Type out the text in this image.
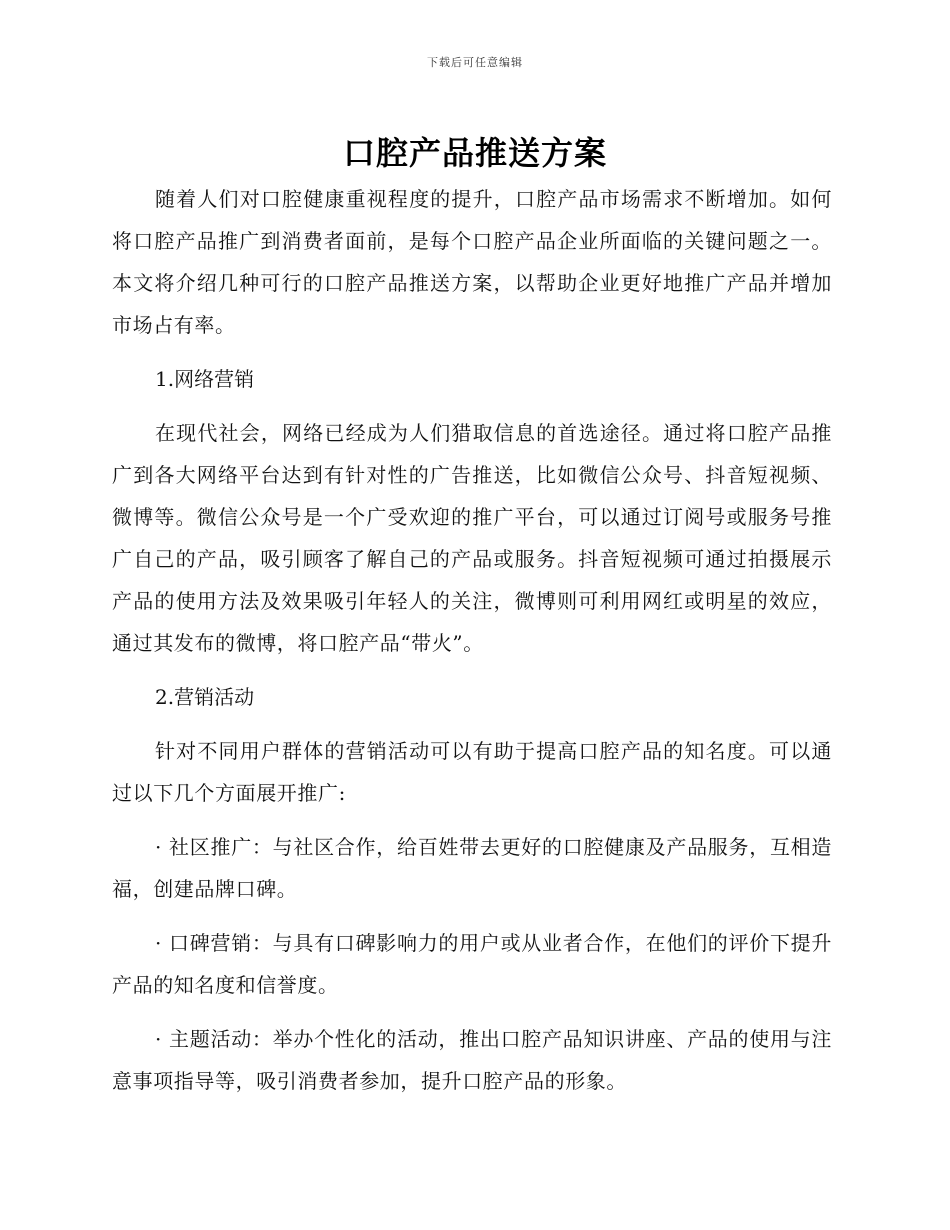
下载后可任意编辑
口腔产品推送方案

随着人们对口腔健康重视程度的提升，口腔产品市场需求不断增加。如何将口腔产品推广到消费者面前，是每个口腔产品企业所面临的关键问题之一。本文将介绍几种可行的口腔产品推送方案，以帮助企业更好地推广产品并增加市场占有率。

1.网络营销

在现代社会，网络已经成为人们猎取信息的首选途径。通过将口腔产品推广到各大网络平台达到有针对性的广告推送，比如微信公众号、抖音短视频、微博等。微信公众号是一个广受欢迎的推广平台，可以通过订阅号或服务号推广自己的产品，吸引顾客了解自己的产品或服务。抖音短视频可通过拍摄展示产品的使用方法及效果吸引年轻人的关注，微博则可利用网红或明星的效应，通过其发布的微博，将口腔产品“带火”。

2.营销活动

针对不同用户群体的营销活动可以有助于提高口腔产品的知名度。可以通过以下几个方面展开推广:

· 社区推广：与社区合作，给百姓带去更好的口腔健康及产品服务，互相造福，创建品牌口碑。

· 口碑营销：与具有口碑影响力的用户或从业者合作，在他们的评价下提升产品的知名度和信誉度。

· 主题活动：举办个性化的活动，推出口腔产品知识讲座、产品的使用与注意事项指导等，吸引消费者参加，提升口腔产品的形象。
